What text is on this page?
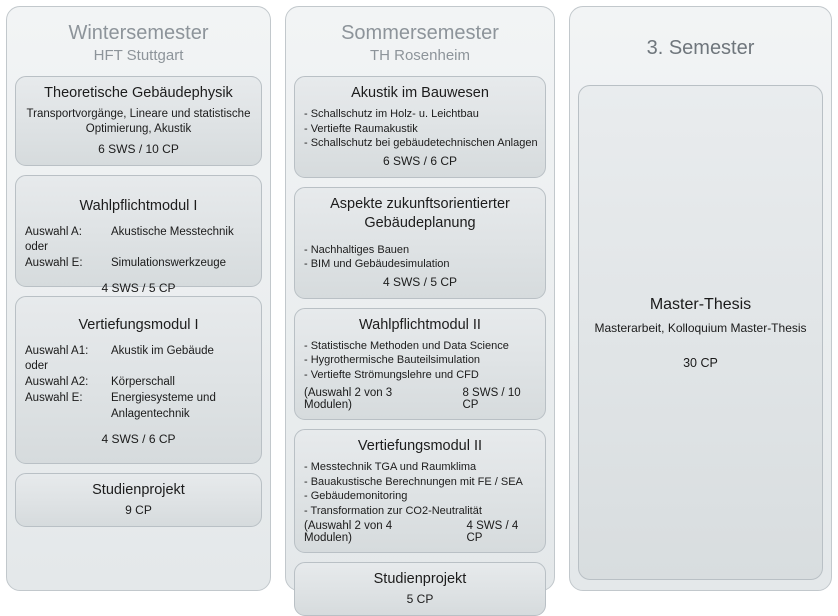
Wintersemester
HFT Stuttgart
Theoretische Gebäudephysik
Transportvorgänge, Lineare und statistische Optimierung, Akustik
6 SWS / 10 CP
Wahlpflichtmodul I
Auswahl A:	Akustische Messtechnik
oder
Auswahl E:	Simulationswerkzeuge
4 SWS / 5 CP
Vertiefungsmodul I
Auswahl A1:	Akustik im Gebäude
oder
Auswahl A2:	Körperschall
Auswahl E:	Energiesysteme und
Anlagentechnik
4 SWS / 6 CP
Studienprojekt
9 CP
Sommersemester
TH Rosenheim
Akustik im Bauwesen
- Schallschutz im Holz- u. Leichtbau
- Vertiefte Raumakustik
- Schallschutz bei gebäudetechnischen Anlagen
6 SWS / 6 CP
Aspekte zukunftsorientierter Gebäudeplanung
- Nachhaltiges Bauen
- BIM und Gebäudesimulation
4 SWS / 5 CP
Wahlpflichtmodul II
- Statistische Methoden und Data Science
- Hygrothermische Bauteilsimulation
- Vertiefte Strömungslehre und CFD
(Auswahl 2 von 3 Modulen)
8 SWS / 10 CP
Vertiefungsmodul II
- Messtechnik TGA und Raumklima
- Bauakustische Berechnungen mit FE / SEA
- Gebäudemonitoring
- Transformation zur CO2-Neutralität
(Auswahl 2 von 4 Modulen)
4 SWS / 4 CP
Studienprojekt
5 CP
3. Semester
Master-Thesis
Masterarbeit, Kolloquium Master-Thesis
30 CP
